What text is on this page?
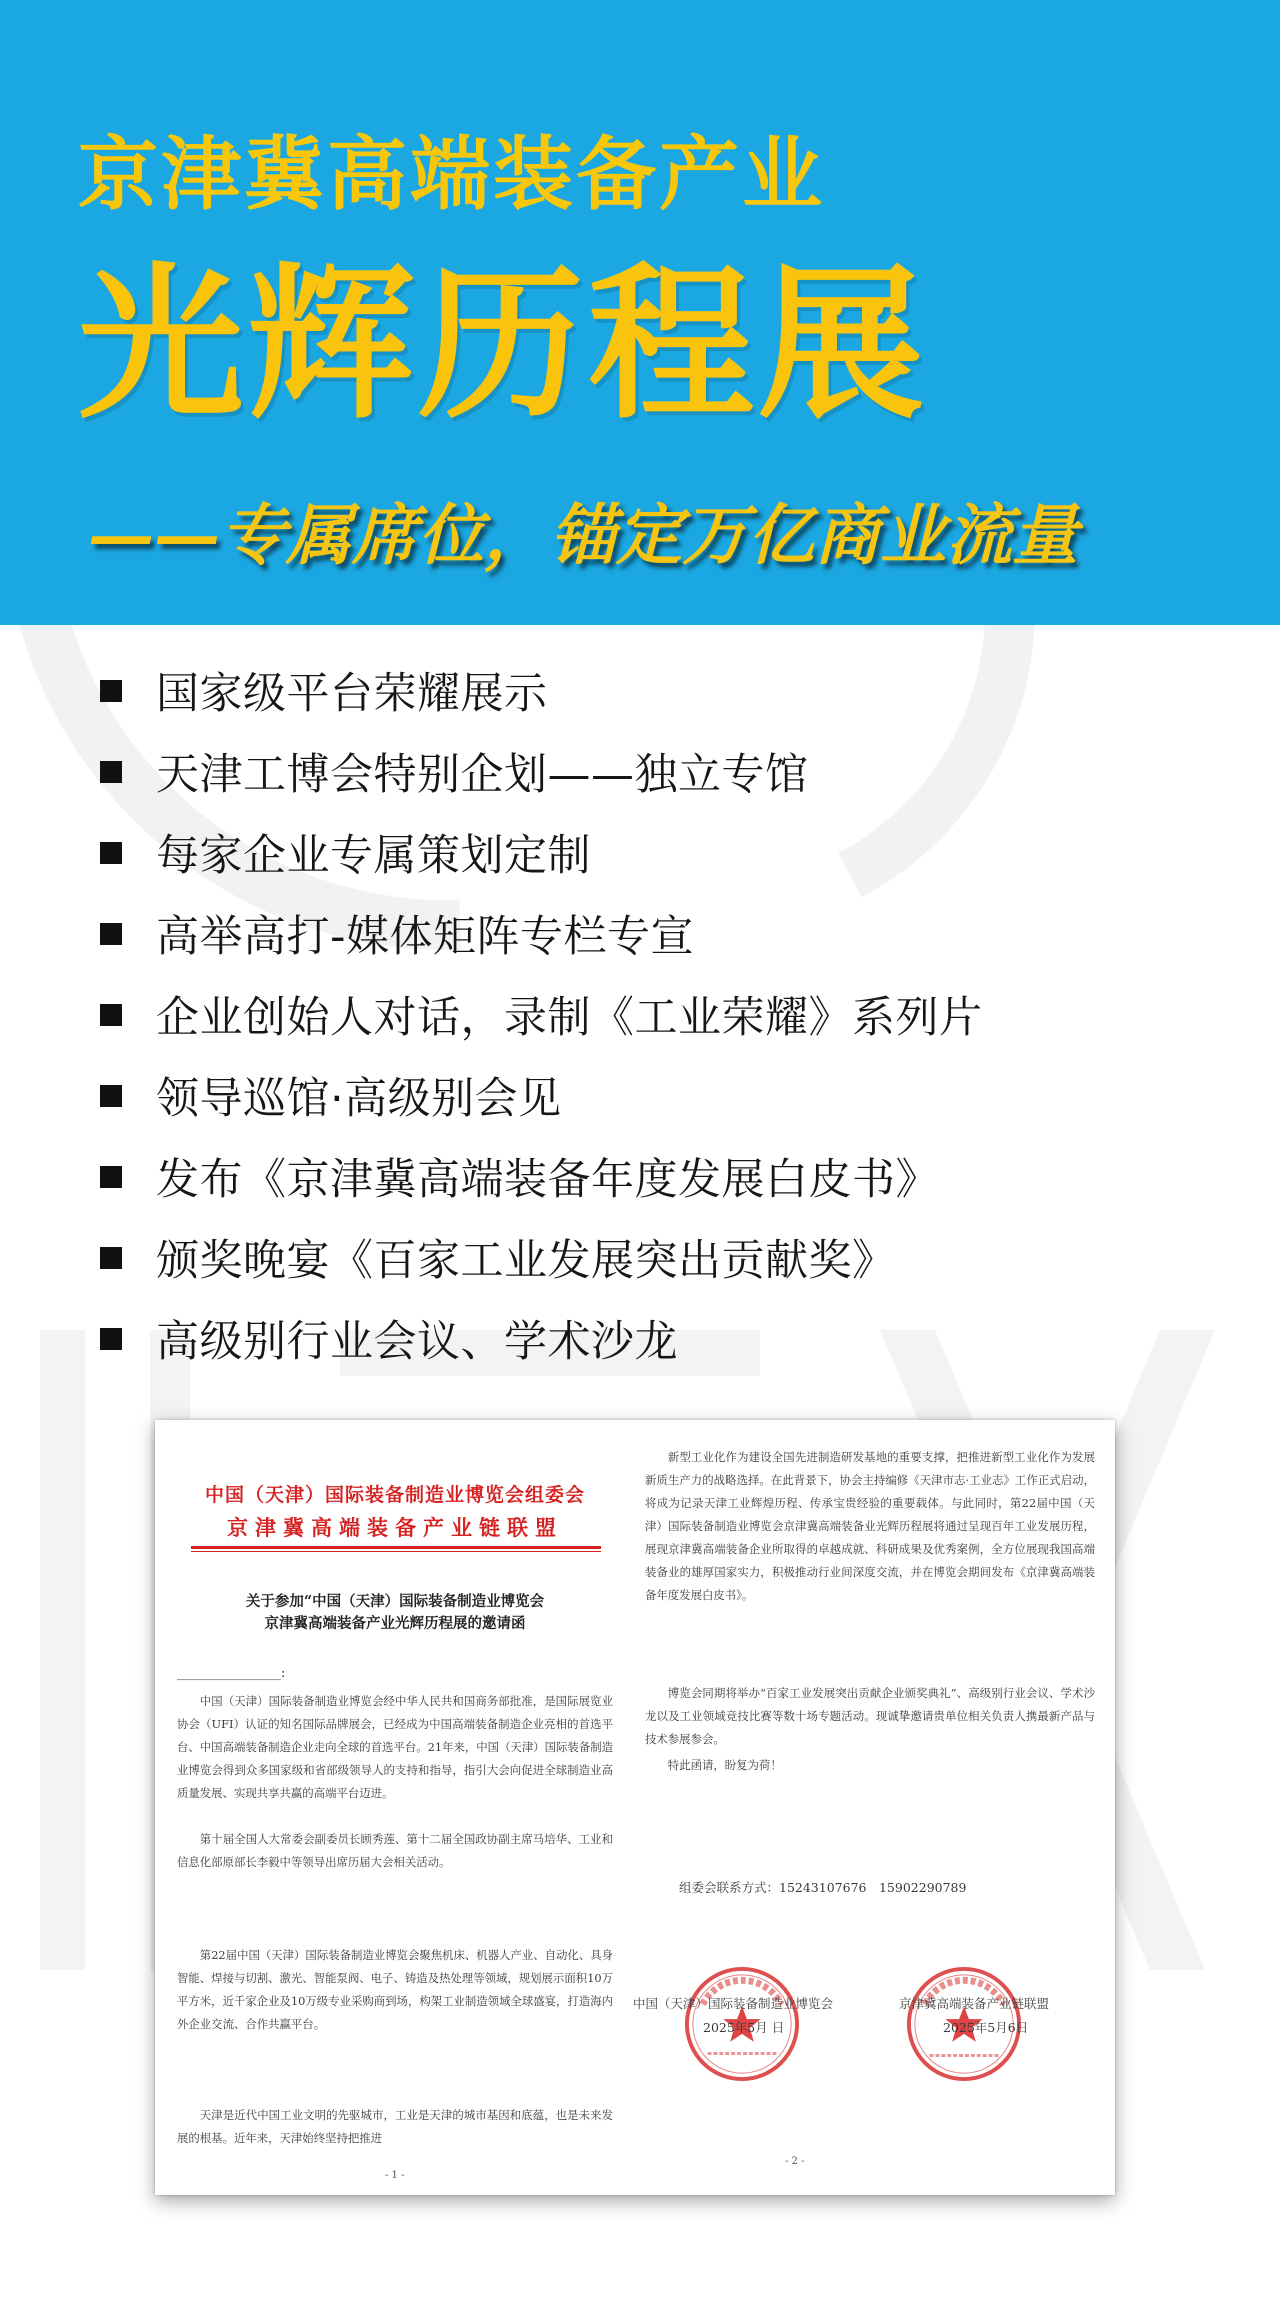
京津冀高端装备产业
光辉历程展
——专属席位，锚定万亿商业流量
国家级平台荣耀展示
天津工博会特别企划——独立专馆
每家企业专属策划定制
高举高打-媒体矩阵专栏专宣
企业创始人对话，录制《工业荣耀》系列片
领导巡馆·高级别会见
发布《京津冀高端装备年度发展白皮书》
颁奖晚宴《百家工业发展突出贡献奖》
高级别行业会议、学术沙龙
中国（天津）国际装备制造业博览会组委会
京津冀高端装备产业链联盟
关于参加“中国（天津）国际装备制造业博览会
京津冀高端装备产业光辉历程展的邀请函
________________:

中国（天津）国际装备制造业博览会经中华人民共和国商务部批准，是国际展览业协会（UFI）认证的知名国际品牌展会，已经成为中国高端装备制造企业亮相的首选平台、中国高端装备制造企业走向全球的首选平台。21年来，中国（天津）国际装备制造业博览会得到众多国家级和省部级领导人的支持和指导，指引大会向促进全球制造业高质量发展、实现共享共赢的高端平台迈进。

第十届全国人大常委会副委员长顾秀莲、第十二届全国政协副主席马培华、工业和信息化部原部长李毅中等领导出席历届大会相关活动。

第22届中国（天津）国际装备制造业博览会聚焦机床、机器人产业、自动化、具身智能、焊接与切割、激光、智能泵阀、电子、铸造及热处理等领域，规划展示面积10万平方米，近千家企业及10万级专业采购商到场，构架工业制造领域全球盛宴，打造海内外企业交流、合作共赢平台。

天津是近代中国工业文明的先驱城市，工业是天津的城市基因和底蕴，也是未来发展的根基。近年来，天津始终坚持把推进

- 1 -

新型工业化作为建设全国先进制造研发基地的重要支撑，把推进新型工业化作为发展新质生产力的战略选择。在此背景下，协会主持编修《天津市志·工业志》工作正式启动，将成为记录天津工业辉煌历程、传承宝贵经验的重要载体。与此同时，第22届中国（天津）国际装备制造业博览会京津冀高端装备业光辉历程展将通过呈现百年工业发展历程，展现京津冀高端装备企业所取得的卓越成就、科研成果及优秀案例，全方位展现我国高端装备业的雄厚国家实力，积极推动行业间深度交流，并在博览会期间发布《京津冀高端装备年度发展白皮书》。

博览会同期将举办“百家工业发展突出贡献企业颁奖典礼”、高级别行业会议、学术沙龙以及工业领域竞技比赛等数十场专题活动。现诚挚邀请贵单位相关负责人携最新产品与技术参展参会。

特此函请，盼复为荷！

组委会联系方式：15243107676　15902290789
中国（天津）国际装备制造业博览会
2025年5月 日
京津冀高端装备产业链联盟
2025年5月6日
- 2 -
